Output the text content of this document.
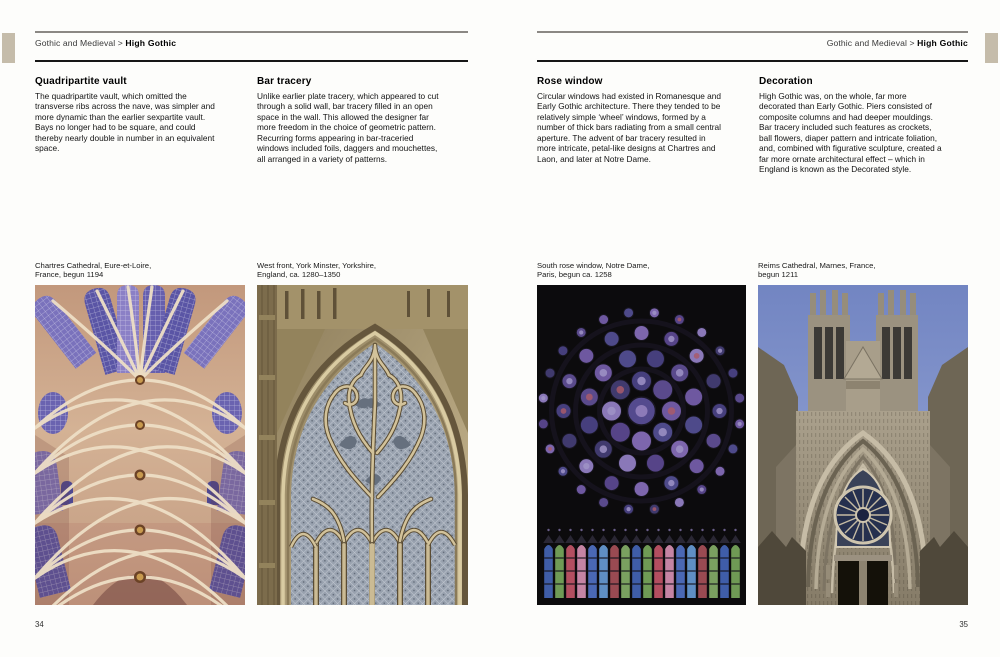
Gothic and Medieval > High Gothic
Quadripartite vault
The quadripartite vault, which omitted the transverse ribs across the nave, was simpler and more dynamic than the earlier sexpartite vault. Bays no longer had to be square, and could thereby nearly double in number in an equivalent space.
Bar tracery
Unlike earlier plate tracery, which appeared to cut through a solid wall, bar tracery filled in an open space in the wall. This allowed the designer far more freedom in the choice of geometric pattern. Recurring forms appearing in bar-traceried windows included foils, daggers and mouchettes, all arranged in a variety of patterns.
Chartres Cathedral, Eure-et-Loire,
France, begun 1194
West front, York Minster, Yorkshire,
England, ca. 1280–1350
34
Gothic and Medieval > High Gothic
Rose window
Circular windows had existed in Romanesque and Early Gothic architecture. There they tended to be relatively simple ‘wheel’ windows, formed by a number of thick bars radiating from a small central aperture. The advent of bar tracery resulted in more intricate, petal-like designs at Chartres and Laon, and later at Notre Dame.
Decoration
High Gothic was, on the whole, far more decorated than Early Gothic. Piers consisted of composite columns and had deeper mouldings. Bar tracery included such features as crockets, ball flowers, diaper pattern and intricate foliation, and, combined with figurative sculpture, created a far more ornate architectural effect – which in England is known as the Decorated style.
South rose window, Notre Dame,
Paris, begun ca. 1258
Reims Cathedral, Marnes, France,
begun 1211
35
